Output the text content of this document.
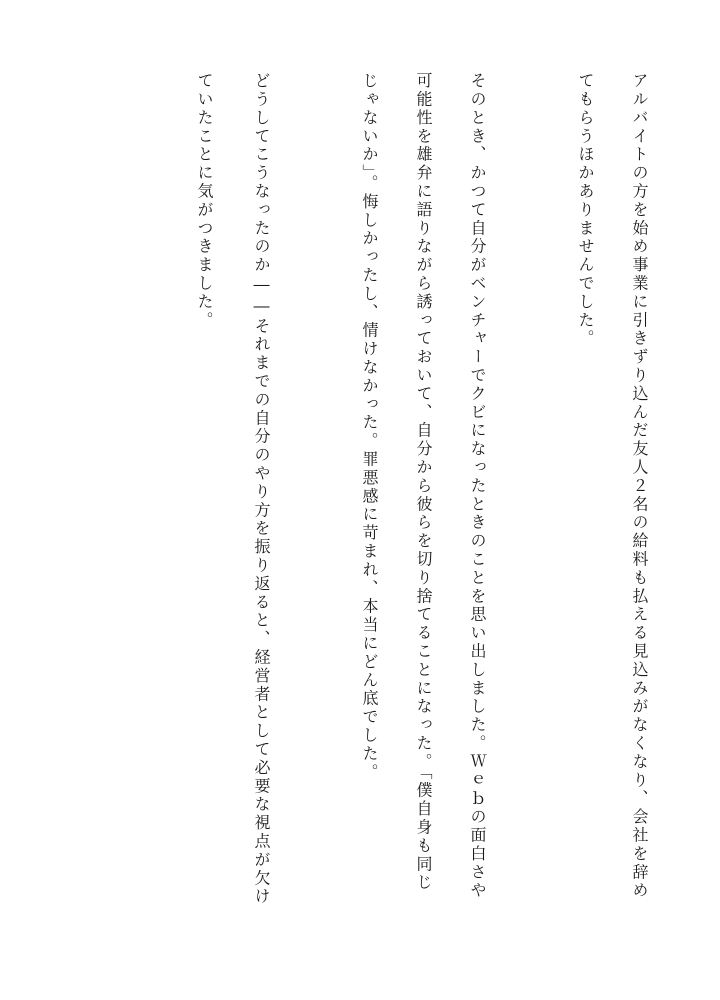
アルバイトの方を始め事業に引きずり込んだ友人２名の給料も払える見込みがなくなり、会社を辞め
てもらうほかありませんでした。
そのとき、かつて自分がベンチャーでクビになったときのことを思い出しました。Ｗｅｂの面白さや
可能性を雄弁に語りながら誘っておいて、自分から彼らを切り捨てることになった。「僕自身も同じ
じゃないか」。悔しかったし、情けなかった。罪悪感に苛まれ、本当にどん底でした。
どうしてこうなったのか――それまでの自分のやり方を振り返ると、経営者として必要な視点が欠け
ていたことに気がつきました。
